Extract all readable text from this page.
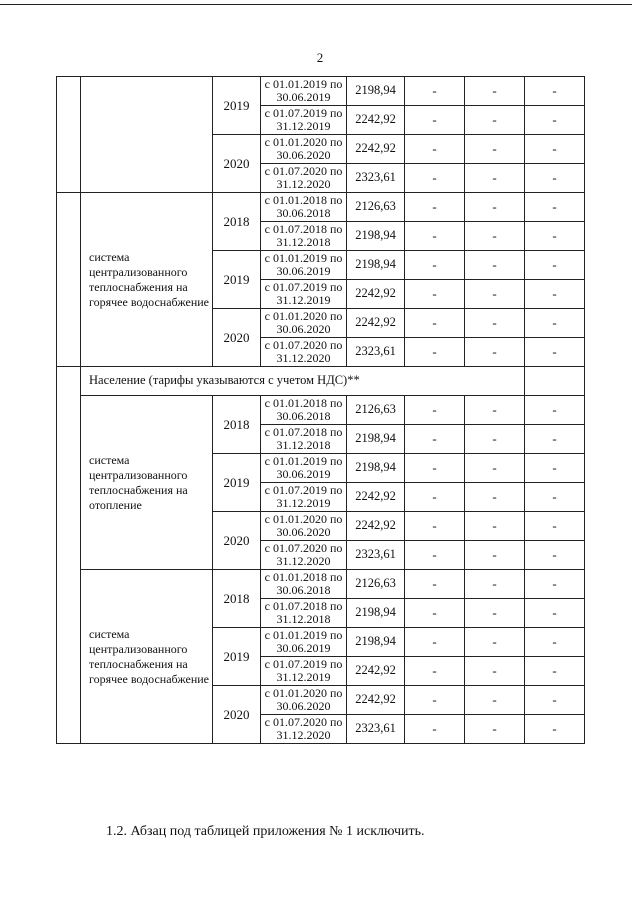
2
		2019	с 01.01.2019 по 30.06.2019	2198,94	-	-	-
			с 01.07.2019 по 31.12.2019	2242,92	-	-	-
		2020	с 01.01.2020 по 30.06.2020	2242,92	-	-	-
			с 01.07.2020 по 31.12.2020	2323,61	-	-	-
	система централизованного теплоснабжения на горячее водоснабжение	2018	с 01.01.2018 по 30.06.2018	2126,63	-	-	-
			с 01.07.2018 по 31.12.2018	2198,94	-	-	-
		2019	с 01.01.2019 по 30.06.2019	2198,94	-	-	-
			с 01.07.2019 по 31.12.2019	2242,92	-	-	-
		2020	с 01.01.2020 по 30.06.2020	2242,92	-	-	-
			с 01.07.2020 по 31.12.2020	2323,61	-	-	-
	Население (тарифы указываются с учетом НДС)**						
	система централизованного теплоснабжения на отопление	2018	с 01.01.2018 по 30.06.2018	2126,63	-	-	-
			с 01.07.2018 по 31.12.2018	2198,94	-	-	-
		2019	с 01.01.2019 по 30.06.2019	2198,94	-	-	-
			с 01.07.2019 по 31.12.2019	2242,92	-	-	-
		2020	с 01.01.2020 по 30.06.2020	2242,92	-	-	-
			с 01.07.2020 по 31.12.2020	2323,61	-	-	-
	система централизованного теплоснабжения на горячее водоснабжение	2018	с 01.01.2018 по 30.06.2018	2126,63	-	-	-
			с 01.07.2018 по 31.12.2018	2198,94	-	-	-
		2019	с 01.01.2019 по 30.06.2019	2198,94	-	-	-
			с 01.07.2019 по 31.12.2019	2242,92	-	-	-
		2020	с 01.01.2020 по 30.06.2020	2242,92	-	-	-
			с 01.07.2020 по 31.12.2020	2323,61	-	-	-
1.2. Абзац под таблицей приложения № 1 исключить.
